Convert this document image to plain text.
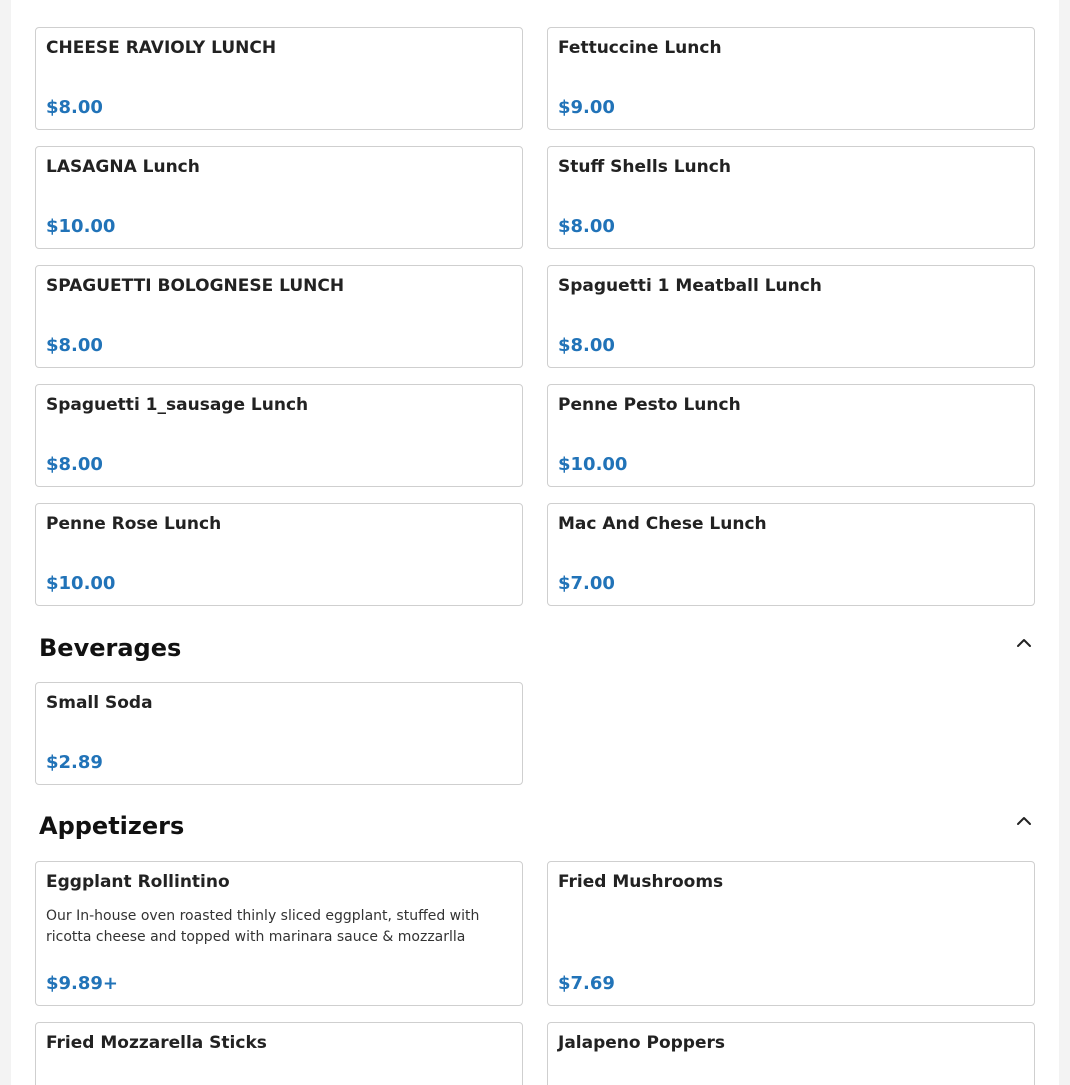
CHEESE RAVIOLY LUNCH
$8.00
Fettuccine Lunch
$9.00
LASAGNA Lunch
$10.00
Stuff Shells Lunch
$8.00
SPAGUETTI BOLOGNESE LUNCH
$8.00
Spaguetti 1 Meatball Lunch
$8.00
Spaguetti 1_sausage Lunch
$8.00
Penne Pesto Lunch
$10.00
Penne Rose Lunch
$10.00
Mac And Chese Lunch
$7.00
Beverages
Small Soda
$2.89
Appetizers
Eggplant Rollintino
Our In-house oven roasted thinly sliced eggplant, stuffed with ricotta cheese and topped with marinara sauce & mozzarlla
$9.89+
Fried Mushrooms
$7.69
Fried Mozzarella Sticks	Jalapeno Poppers
